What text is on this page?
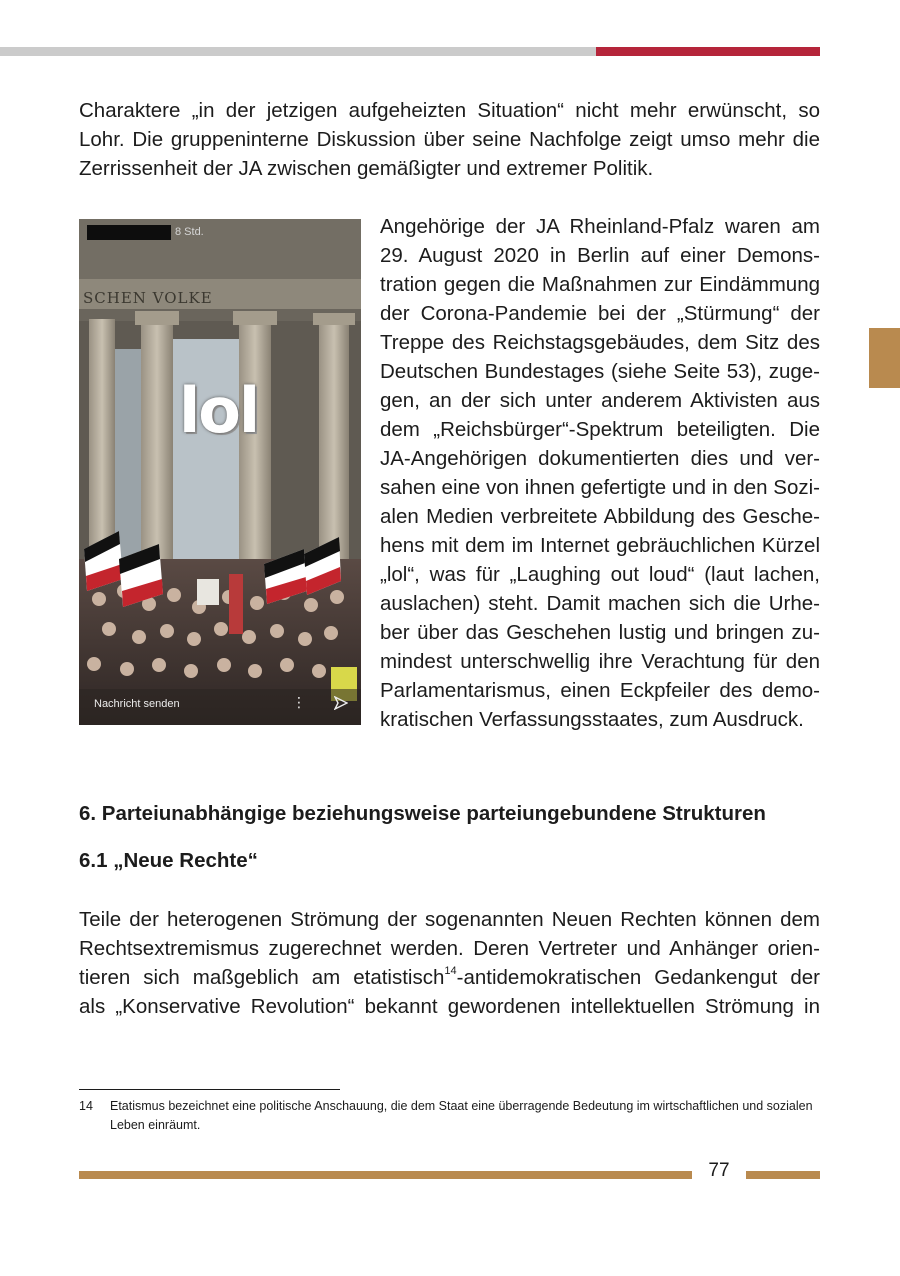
Charaktere „in der jetzigen aufgeheizten Situation“ nicht mehr erwünscht, so
Lohr. Die gruppeninterne Diskussion über seine Nachfolge zeigt umso mehr die
Zerrissenheit der JA zwischen gemäßigter und extremer Politik.

8 Std.
SCHEN VOLKE
lol
Nachricht senden	⋮

Angehörige der JA Rheinland-Pfalz waren am
29. August 2020 in Berlin auf einer Demons-
tration gegen die Maßnahmen zur Eindämmung
der Corona-Pandemie bei der „Stürmung“ der
Treppe des Reichstagsgebäudes, dem Sitz des
Deutschen Bundestages (siehe Seite 53), zuge-
gen, an der sich unter anderem Aktivisten aus
dem „Reichsbürger“-Spektrum beteiligten. Die
JA-Angehörigen dokumentierten dies und ver-
sahen eine von ihnen gefertigte und in den Sozi-
alen Medien verbreitete Abbildung des Gesche-
hens mit dem im Internet gebräuchlichen Kürzel
„lol“, was für „Laughing out loud“ (laut lachen,
auslachen) steht. Damit machen sich die Urhe-
ber über das Geschehen lustig und bringen zu-
mindest unterschwellig ihre Verachtung für den
Parlamentarismus, einen Eckpfeiler des demo-
kratischen Verfassungsstaates, zum Ausdruck.

6. Parteiunabhängige beziehungsweise parteiungebundene Strukturen
6.1 „Neue Rechte“

Teile der heterogenen Strömung der sogenannten Neuen Rechten können dem
Rechtsextremismus zugerechnet werden. Deren Vertreter und Anhänger orien-
tieren sich maßgeblich am etatistisch$^{14}$-antidemokratischen Gedankengut der
als „Konservative Revolution“ bekannt gewordenen intellektuellen Strömung in

14 Etatismus bezeichnet eine politische Anschauung, die dem Staat eine überragende Bedeutung im wirtschaftlichen und sozialen Leben einräumt.
77
